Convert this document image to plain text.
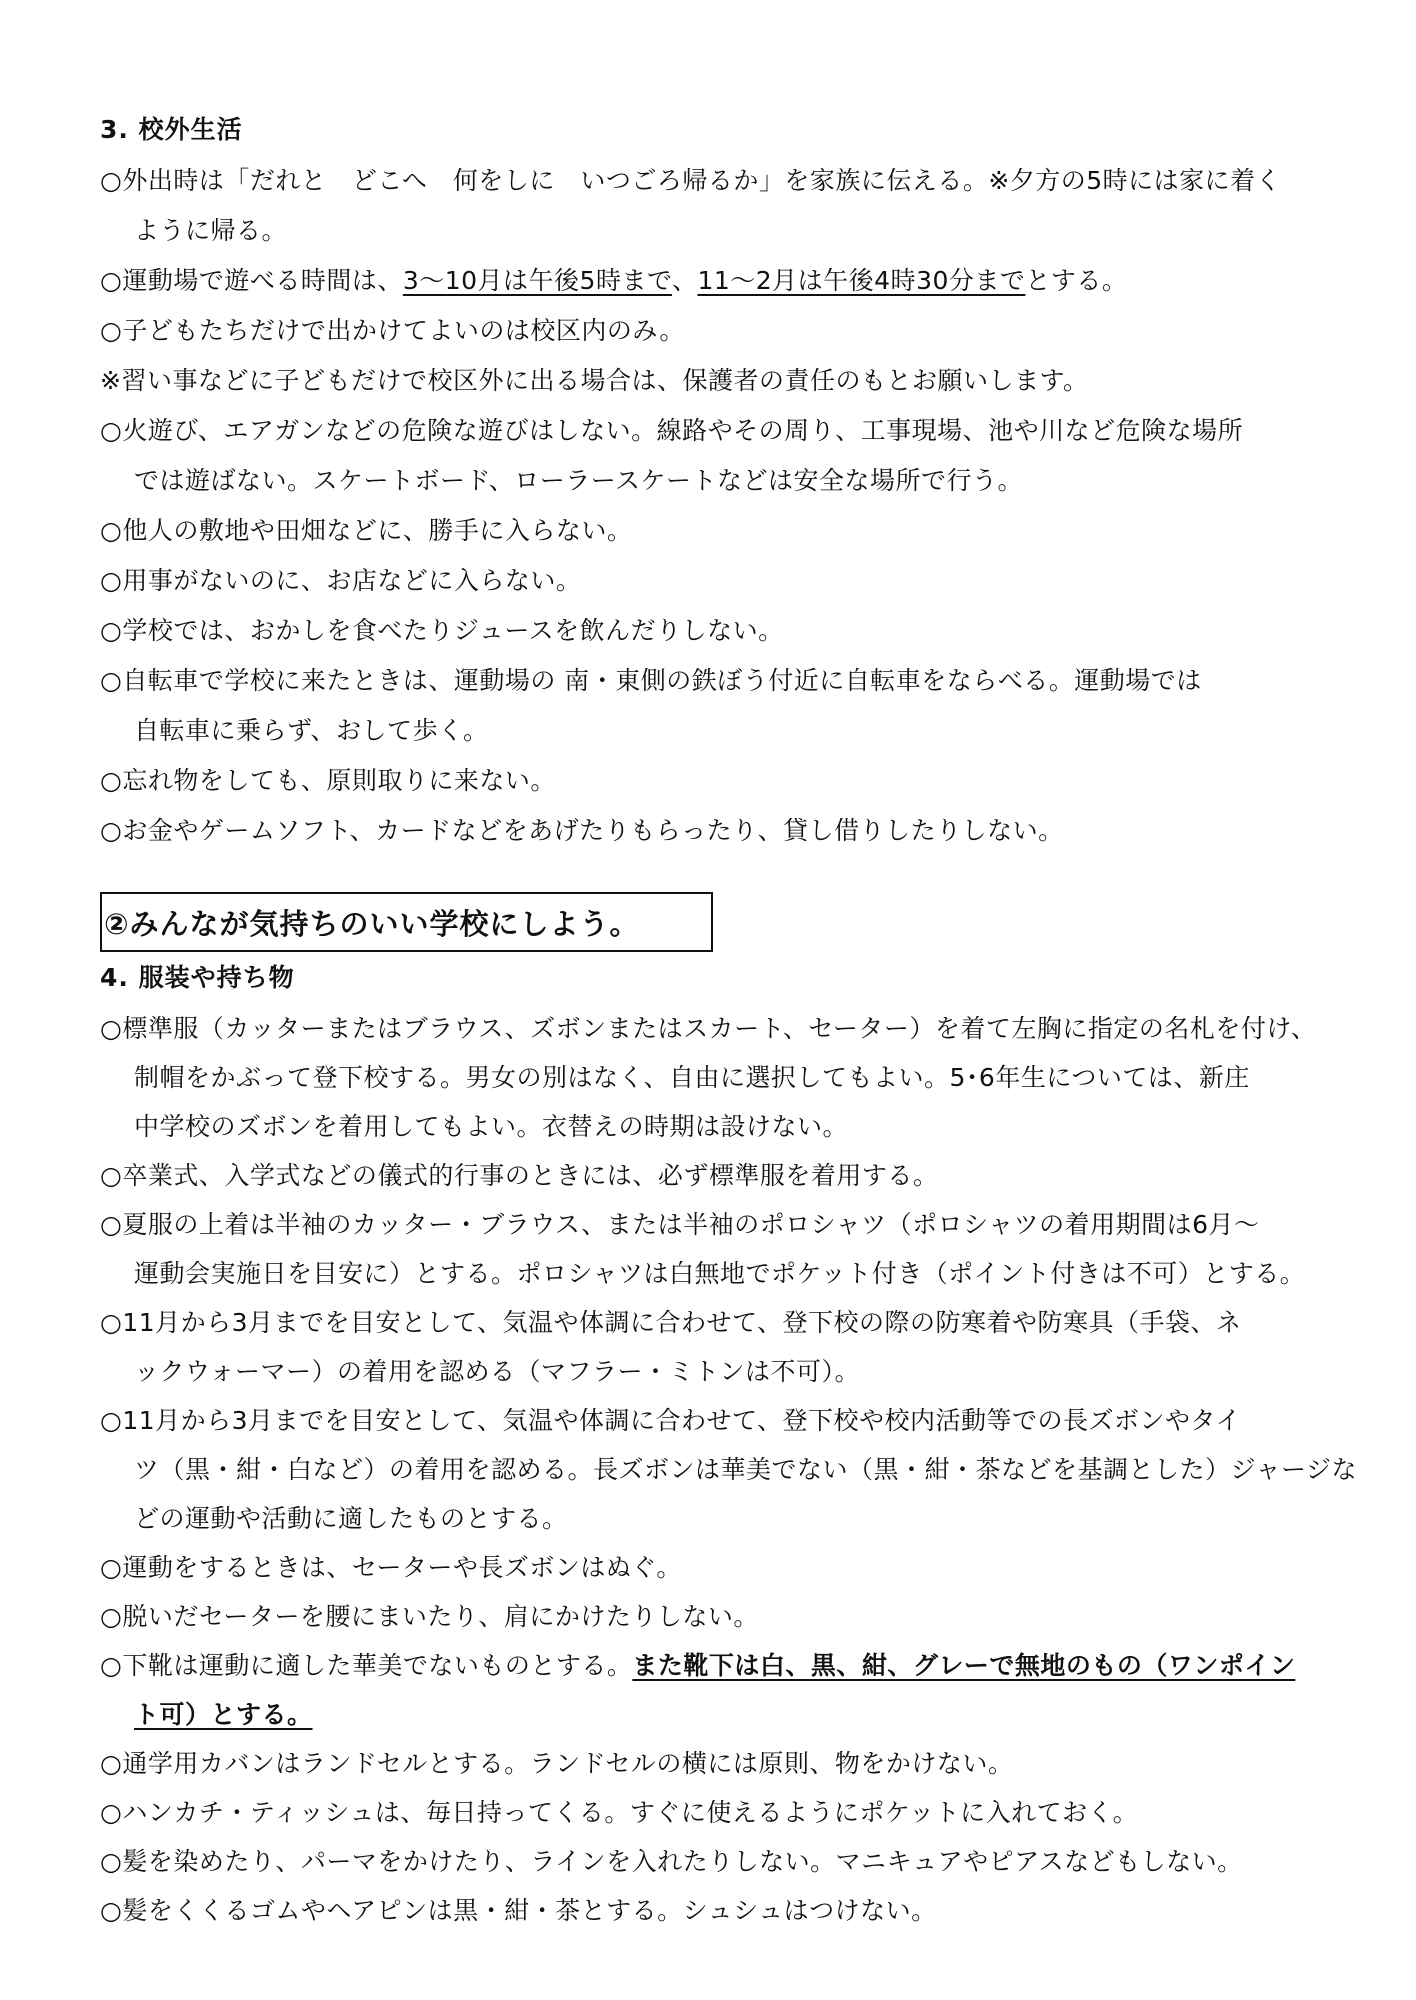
3. 校外生活
○外出時は「だれと　どこへ　何をしに　いつごろ帰るか」を家族に伝える。※夕方の5時には家に着く
ように帰る。
○運動場で遊べる時間は、3～10月は午後5時まで、11～2月は午後4時30分までとする。
○子どもたちだけで出かけてよいのは校区内のみ。
※習い事などに子どもだけで校区外に出る場合は、保護者の責任のもとお願いします。
○火遊び、エアガンなどの危険な遊びはしない。線路やその周り、工事現場、池や川など危険な場所
では遊ばない。スケートボード、ローラースケートなどは安全な場所で行う。
○他人の敷地や田畑などに、勝手に入らない。
○用事がないのに、お店などに入らない。
○学校では、おかしを食べたりジュースを飲んだりしない。
○自転車で学校に来たときは、運動場の 南・東側の鉄ぼう付近に自転車をならべる。運動場では
自転車に乗らず、おして歩く。
○忘れ物をしても、原則取りに来ない。
○お金やゲームソフト、カードなどをあげたりもらったり、貸し借りしたりしない。
②みんなが気持ちのいい学校にしよう。
4. 服装や持ち物
○標準服（カッターまたはブラウス、ズボンまたはスカート、セーター）を着て左胸に指定の名札を付け、
制帽をかぶって登下校する。男女の別はなく、自由に選択してもよい。5･6年生については、新庄
中学校のズボンを着用してもよい。衣替えの時期は設けない。
○卒業式、入学式などの儀式的行事のときには、必ず標準服を着用する。
○夏服の上着は半袖のカッター・ブラウス、または半袖のポロシャツ（ポロシャツの着用期間は6月～
運動会実施日を目安に）とする。ポロシャツは白無地でポケット付き（ポイント付きは不可）とする。
○11月から3月までを目安として、気温や体調に合わせて、登下校の際の防寒着や防寒具（手袋、ネ
ックウォーマー）の着用を認める（マフラー・ミトンは不可）。
○11月から3月までを目安として、気温や体調に合わせて、登下校や校内活動等での長ズボンやタイ
ツ（黒・紺・白など）の着用を認める。長ズボンは華美でない（黒・紺・茶などを基調とした）ジャージな
どの運動や活動に適したものとする。
○運動をするときは、セーターや長ズボンはぬぐ。
○脱いだセーターを腰にまいたり、肩にかけたりしない。
○下靴は運動に適した華美でないものとする。また靴下は白、黒、紺、グレーで無地のもの（ワンポイン
ト可）とする。
○通学用カバンはランドセルとする。ランドセルの横には原則、物をかけない。
○ハンカチ・ティッシュは、毎日持ってくる。すぐに使えるようにポケットに入れておく。
○髪を染めたり、パーマをかけたり、ラインを入れたりしない。マニキュアやピアスなどもしない。
○髪をくくるゴムやヘアピンは黒・紺・茶とする。シュシュはつけない。
